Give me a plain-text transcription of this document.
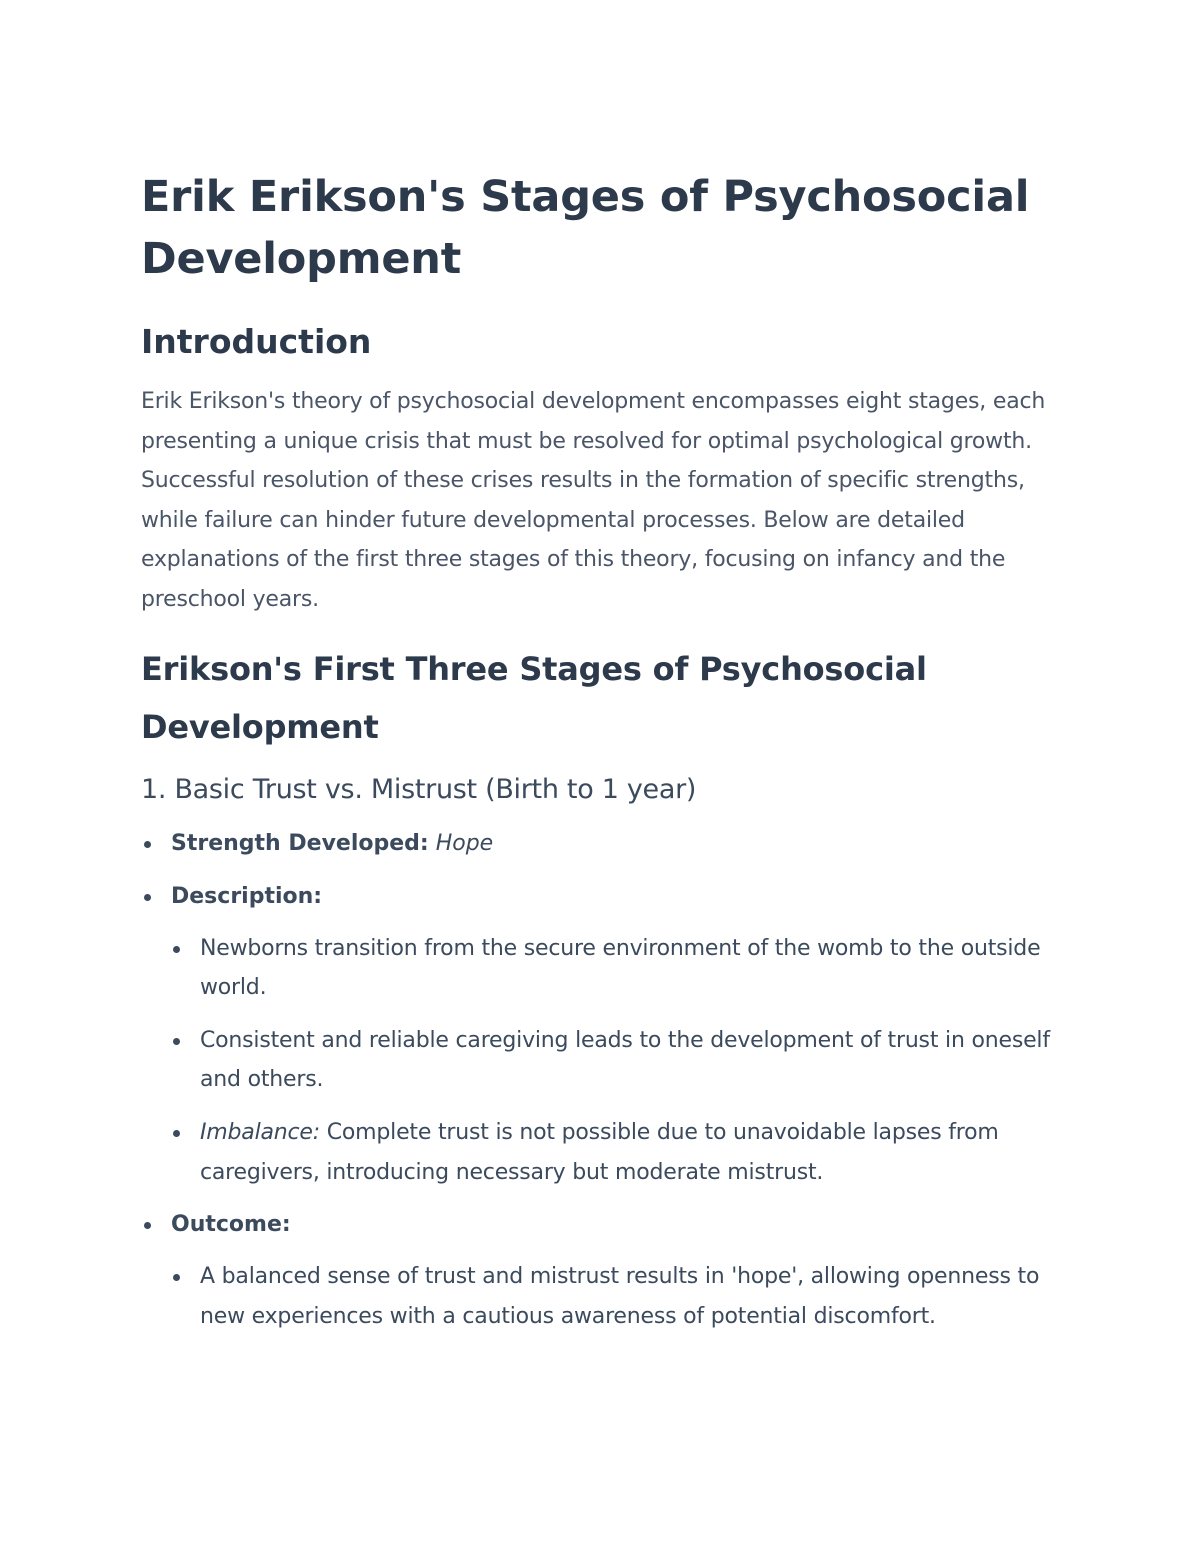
Erik Erikson's Stages of Psychosocial Development
Introduction

Erik Erikson's theory of psychosocial development encompasses eight stages, each presenting a unique crisis that must be resolved for optimal psychological growth. Successful resolution of these crises results in the formation of specific strengths, while failure can hinder future developmental processes. Below are detailed explanations of the first three stages of this theory, focusing on infancy and the preschool years.

Erikson's First Three Stages of Psychosocial Development
1. Basic Trust vs. Mistrust (Birth to 1 year)
Strength Developed: Hope
Description:
Newborns transition from the secure environment of the womb to the outside world.
Consistent and reliable caregiving leads to the development of trust in oneself and others.
Imbalance: Complete trust is not possible due to unavoidable lapses from caregivers, introducing necessary but moderate mistrust.
Outcome:
A balanced sense of trust and mistrust results in 'hope', allowing openness to new experiences with a cautious awareness of potential discomfort.
